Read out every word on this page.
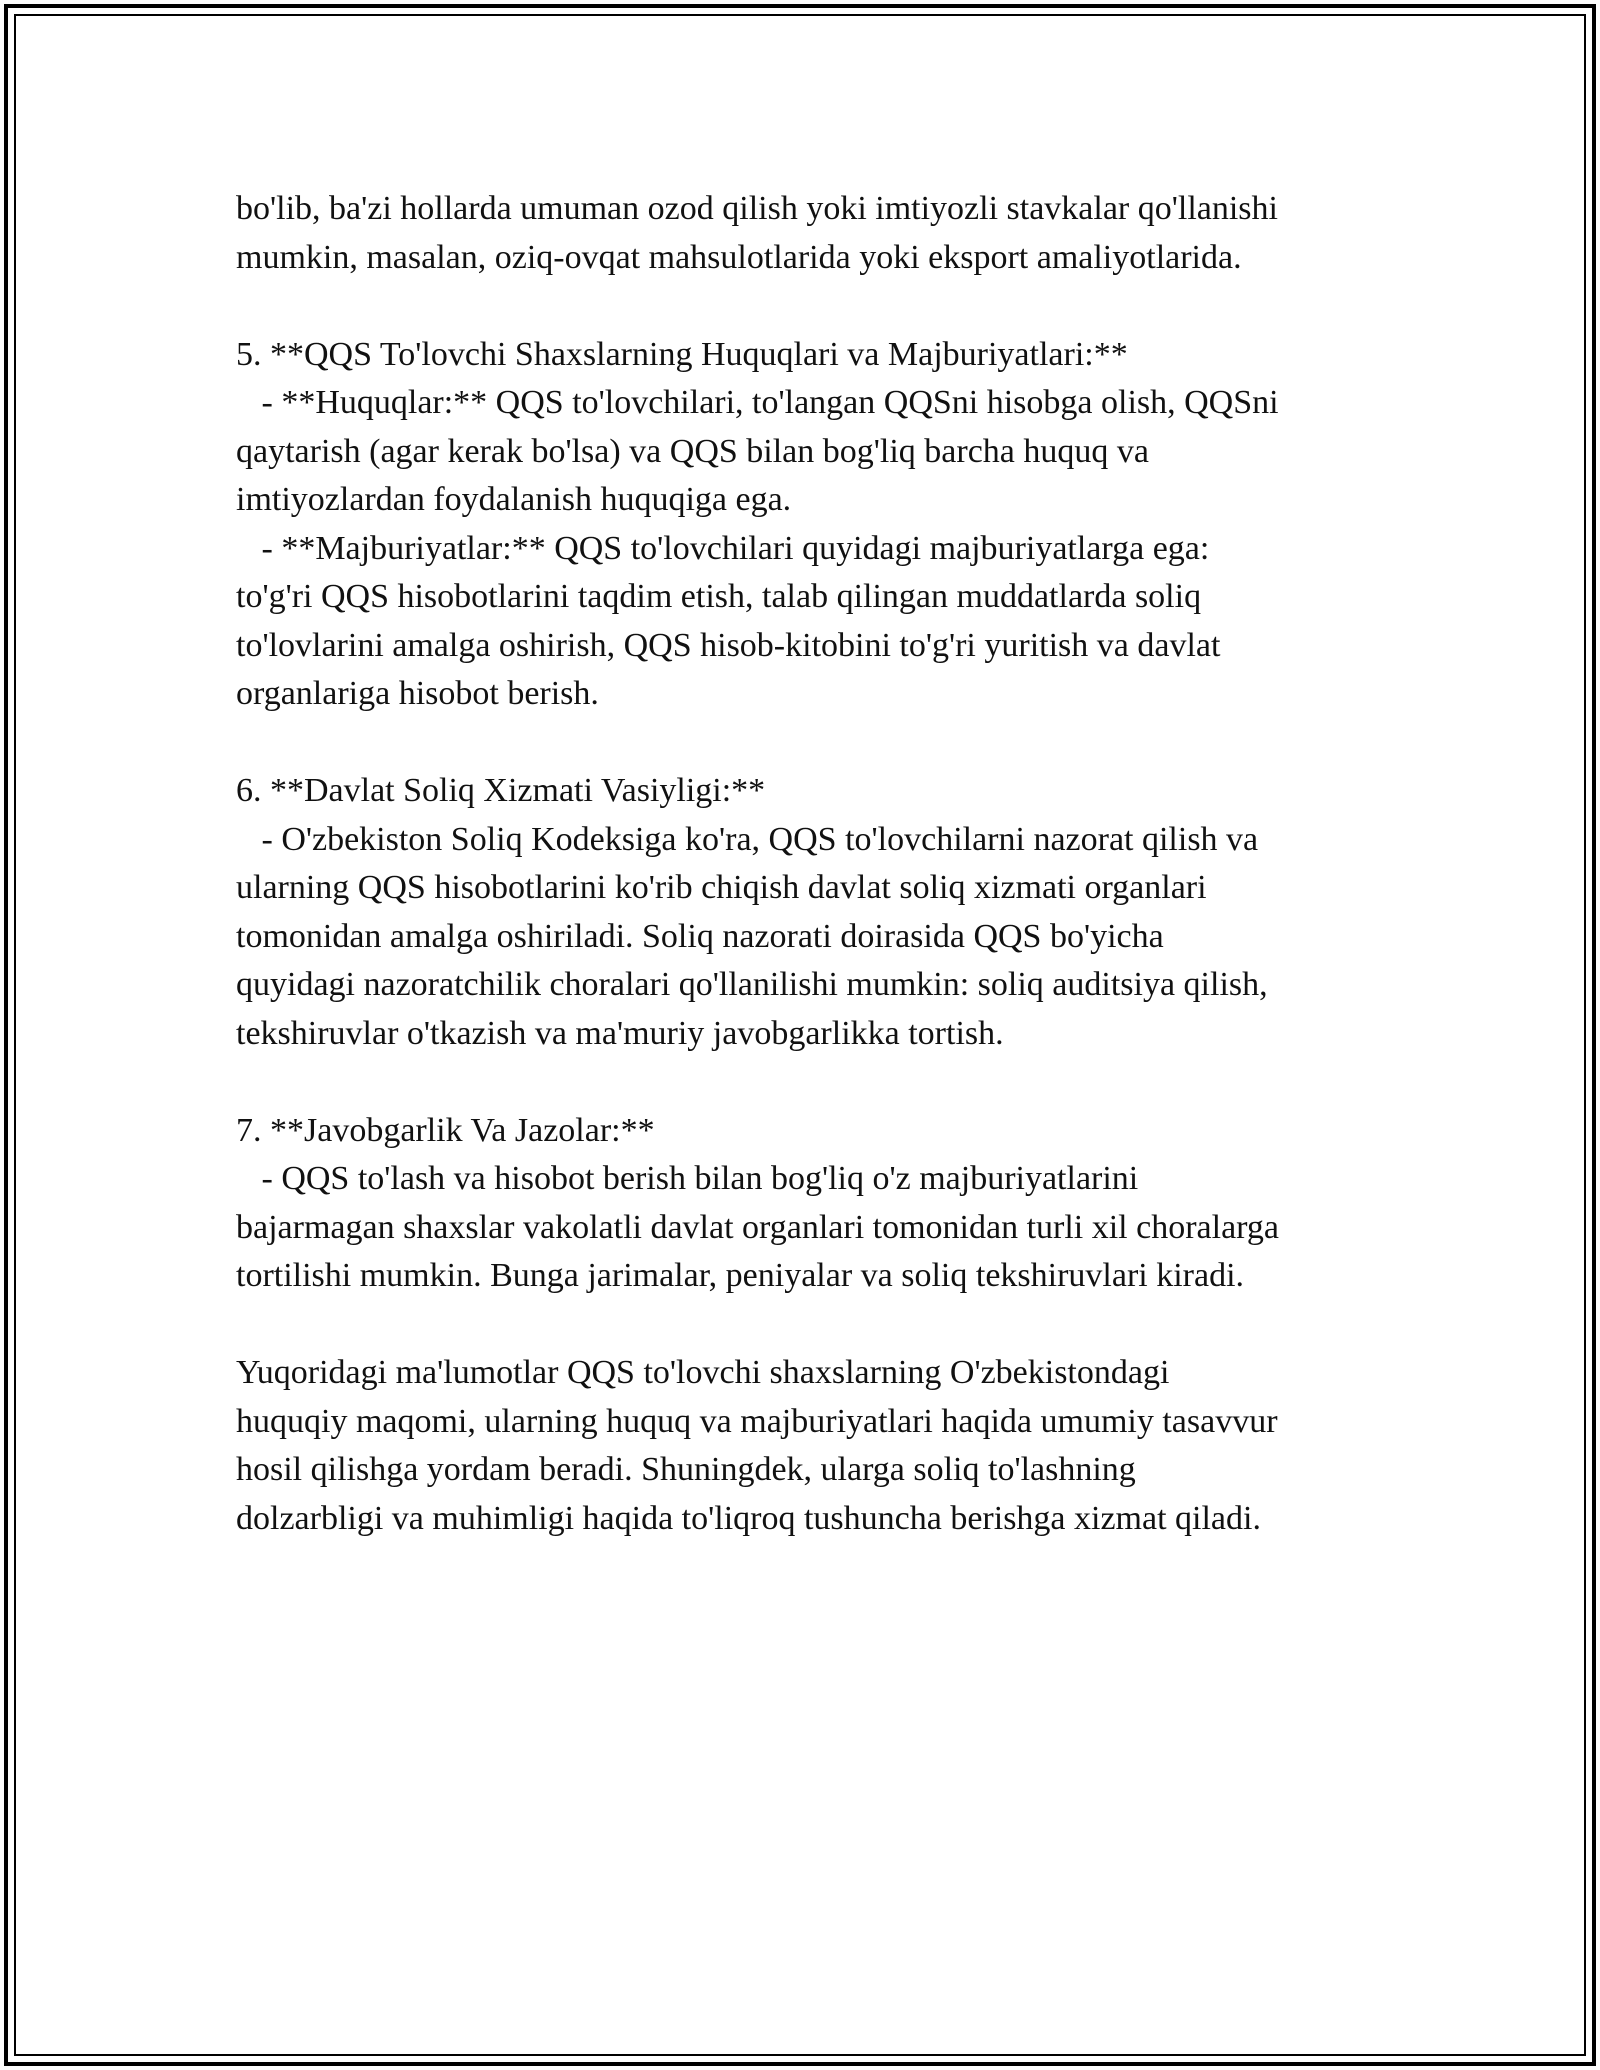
bo'lib, ba'zi hollarda umuman ozod qilish yoki imtiyozli stavkalar qo'llanishi
mumkin, masalan, oziq-ovqat mahsulotlarida yoki eksport amaliyotlarida.
5. **QQS To'lovchi Shaxslarning Huquqlari va Majburiyatlari:**
- **Huquqlar:** QQS to'lovchilari, to'langan QQSni hisobga olish, QQSni
qaytarish (agar kerak bo'lsa) va QQS bilan bog'liq barcha huquq va
imtiyozlardan foydalanish huquqiga ega.
- **Majburiyatlar:** QQS to'lovchilari quyidagi majburiyatlarga ega:
to'g'ri QQS hisobotlarini taqdim etish, talab qilingan muddatlarda soliq
to'lovlarini amalga oshirish, QQS hisob-kitobini to'g'ri yuritish va davlat
organlariga hisobot berish.
6. **Davlat Soliq Xizmati Vasiyligi:**
- O'zbekiston Soliq Kodeksiga ko'ra, QQS to'lovchilarni nazorat qilish va
ularning QQS hisobotlarini ko'rib chiqish davlat soliq xizmati organlari
tomonidan amalga oshiriladi. Soliq nazorati doirasida QQS bo'yicha
quyidagi nazoratchilik choralari qo'llanilishi mumkin: soliq auditsiya qilish,
tekshiruvlar o'tkazish va ma'muriy javobgarlikka tortish.
7. **Javobgarlik Va Jazolar:**
- QQS to'lash va hisobot berish bilan bog'liq o'z majburiyatlarini
bajarmagan shaxslar vakolatli davlat organlari tomonidan turli xil choralarga
tortilishi mumkin. Bunga jarimalar, peniyalar va soliq tekshiruvlari kiradi.
Yuqoridagi ma'lumotlar QQS to'lovchi shaxslarning O'zbekistondagi
huquqiy maqomi, ularning huquq va majburiyatlari haqida umumiy tasavvur
hosil qilishga yordam beradi. Shuningdek, ularga soliq to'lashning
dolzarbligi va muhimligi haqida to'liqroq tushuncha berishga xizmat qiladi.
